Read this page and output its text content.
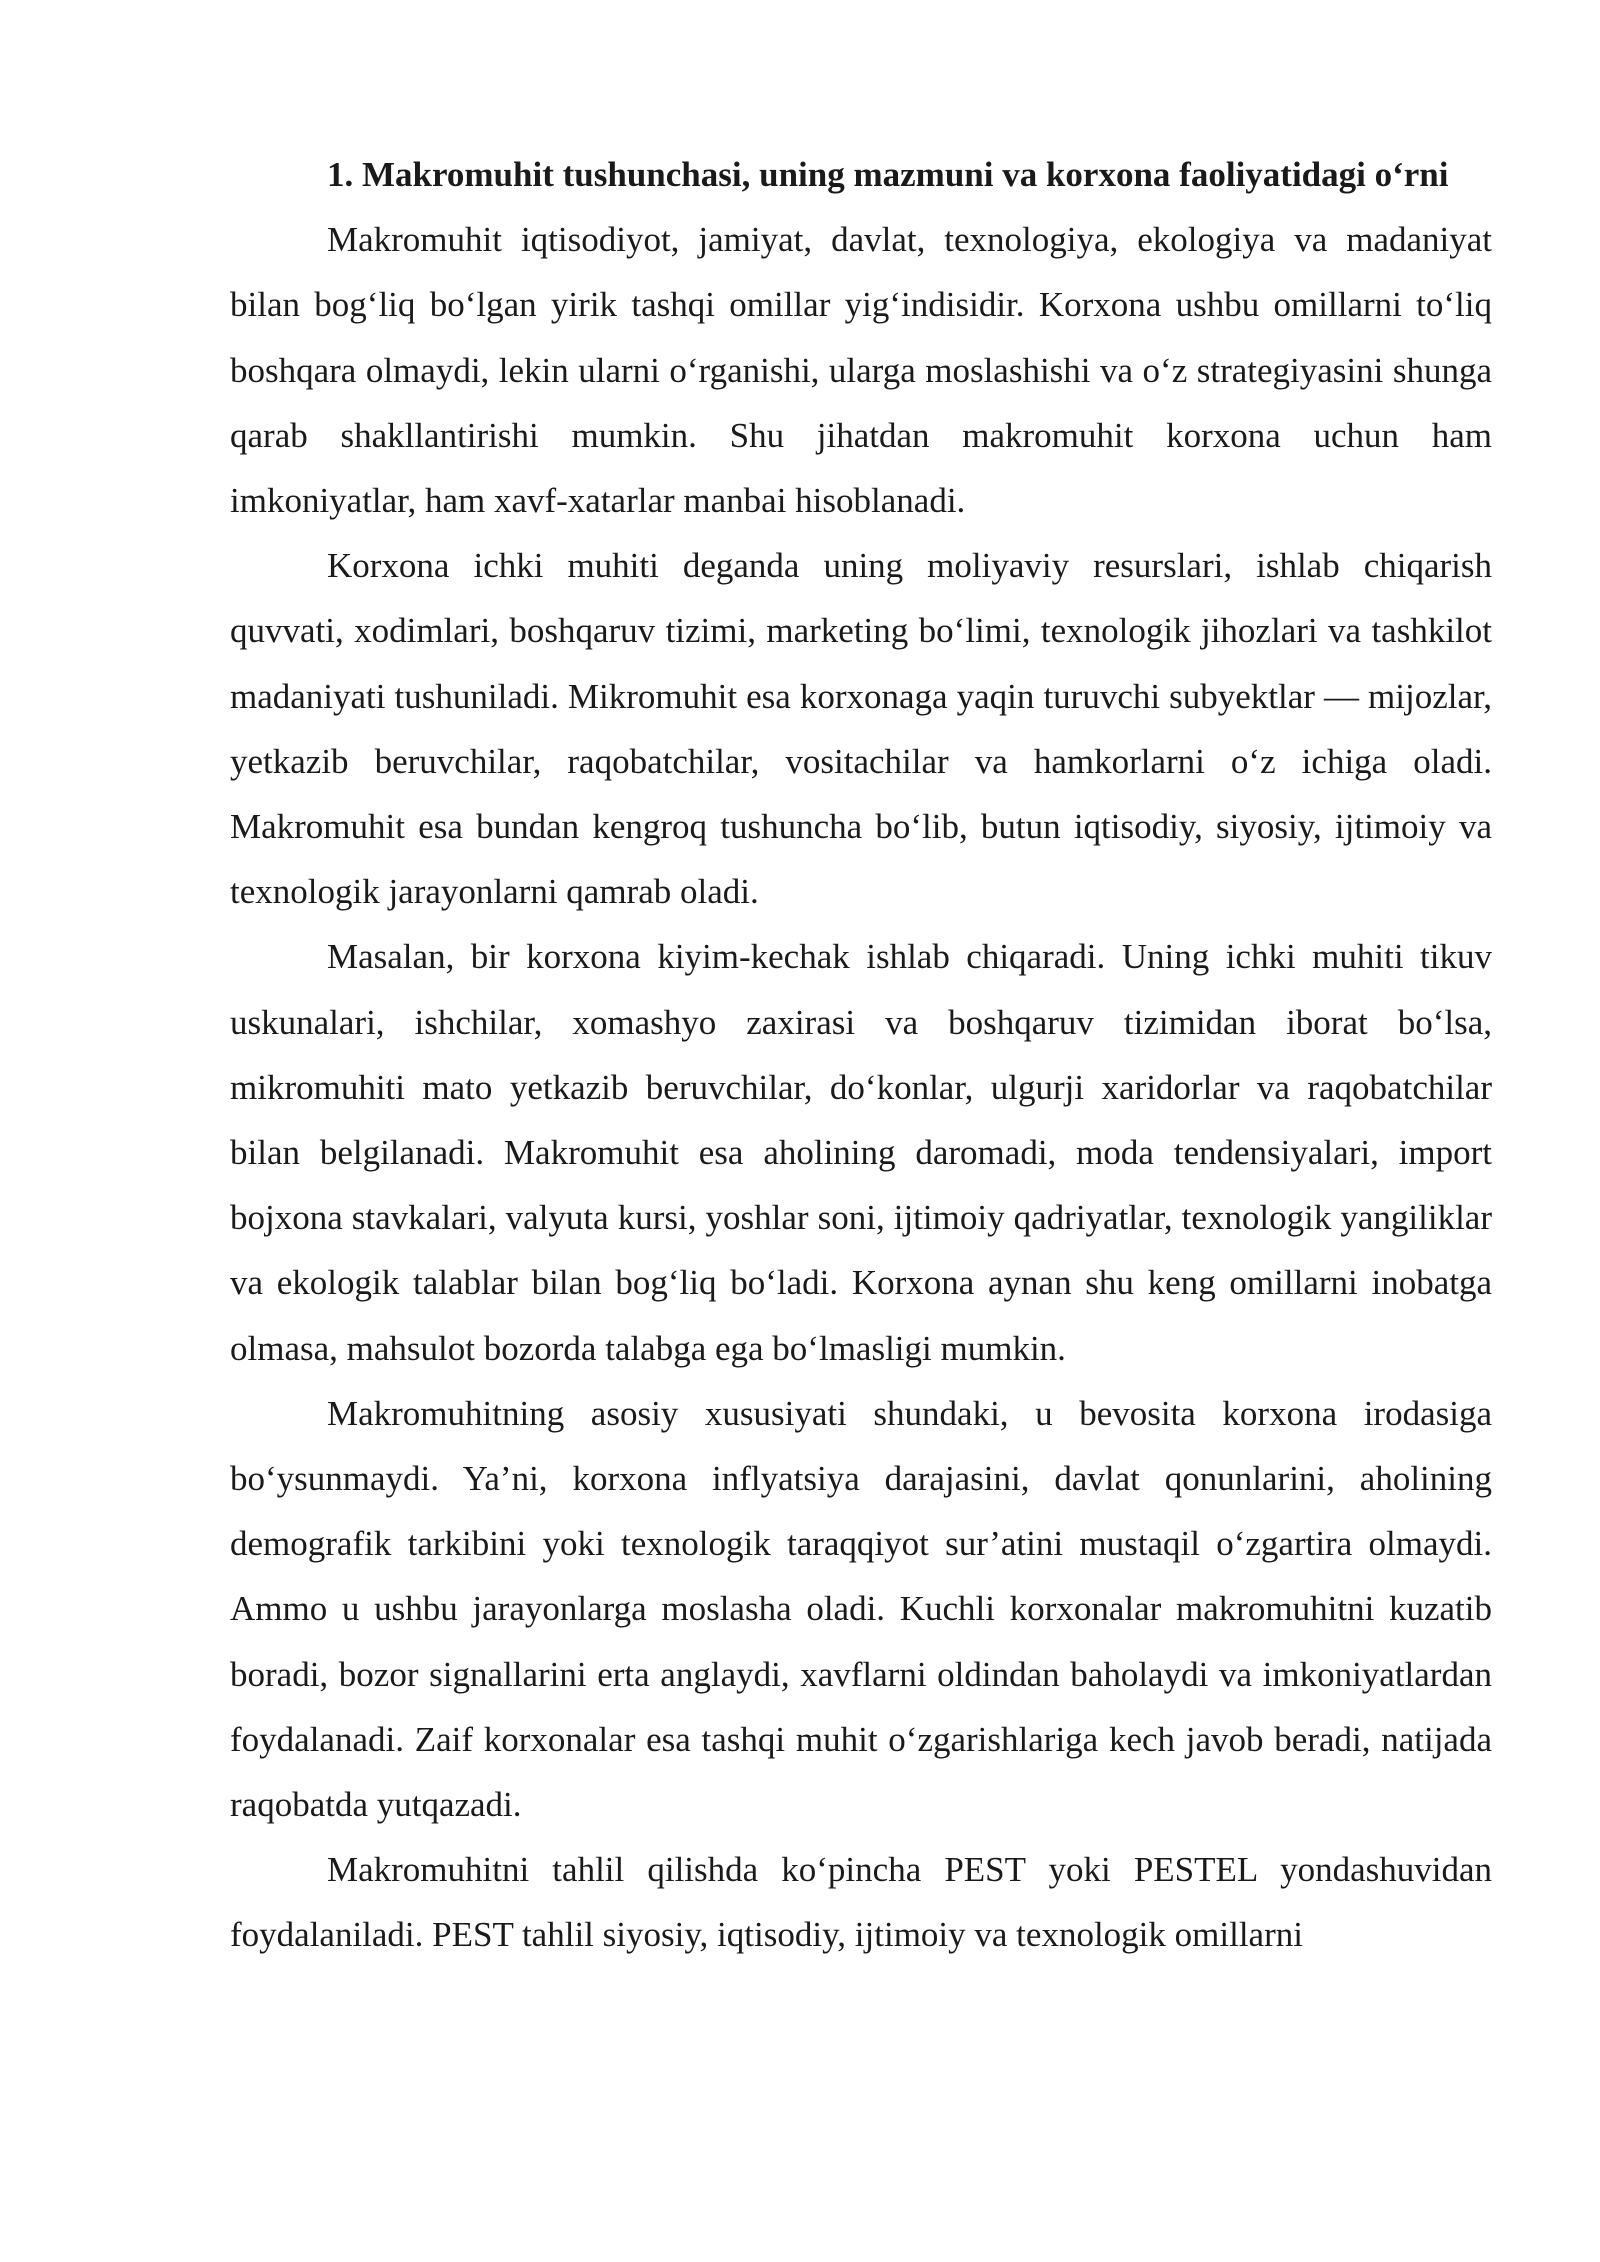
1. Makromuhit tushunchasi, uning mazmuni va korxona faoliyatidagi o‘rni

Makromuhit iqtisodiyot, jamiyat, davlat, texnologiya, ekologiya va madaniyat bilan bog‘liq bo‘lgan yirik tashqi omillar yig‘indisidir. Korxona ushbu omillarni to‘liq boshqara olmaydi, lekin ularni o‘rganishi, ularga moslashishi va o‘z strategiyasini shunga qarab shakllantirishi mumkin. Shu jihatdan makromuhit korxona uchun ham imkoniyatlar, ham xavf-xatarlar manbai hisoblanadi.

Korxona ichki muhiti deganda uning moliyaviy resurslari, ishlab chiqarish quvvati, xodimlari, boshqaruv tizimi, marketing bo‘limi, texnologik jihozlari va tashkilot madaniyati tushuniladi. Mikromuhit esa korxonaga yaqin turuvchi subyektlar — mijozlar, yetkazib beruvchilar, raqobatchilar, vositachilar va hamkorlarni o‘z ichiga oladi. Makromuhit esa bundan kengroq tushuncha bo‘lib, butun iqtisodiy, siyosiy, ijtimoiy va texnologik jarayonlarni qamrab oladi.

Masalan, bir korxona kiyim-kechak ishlab chiqaradi. Uning ichki muhiti tikuv uskunalari, ishchilar, xomashyo zaxirasi va boshqaruv tizimidan iborat bo‘lsa, mikromuhiti mato yetkazib beruvchilar, do‘konlar, ulgurji xaridorlar va raqobatchilar bilan belgilanadi. Makromuhit esa aholining daromadi, moda tendensiyalari, import bojxona stavkalari, valyuta kursi, yoshlar soni, ijtimoiy qadriyatlar, texnologik yangiliklar va ekologik talablar bilan bog‘liq bo‘ladi. Korxona aynan shu keng omillarni inobatga olmasa, mahsulot bozorda talabga ega bo‘lmasligi mumkin.

Makromuhitning asosiy xususiyati shundaki, u bevosita korxona irodasiga bo‘ysunmaydi. Ya’ni, korxona inflyatsiya darajasini, davlat qonunlarini, aholining demografik tarkibini yoki texnologik taraqqiyot sur’atini mustaqil o‘zgartira olmaydi. Ammo u ushbu jarayonlarga moslasha oladi. Kuchli korxonalar makromuhitni kuzatib boradi, bozor signallarini erta anglaydi, xavflarni oldindan baholaydi va imkoniyatlardan foydalanadi. Zaif korxonalar esa tashqi muhit o‘zgarishlariga kech javob beradi, natijada raqobatda yutqazadi.

Makromuhitni tahlil qilishda ko‘pincha PEST yoki PESTEL yondashuvidan foydalaniladi. PEST tahlil siyosiy, iqtisodiy, ijtimoiy va texnologik omillarni
